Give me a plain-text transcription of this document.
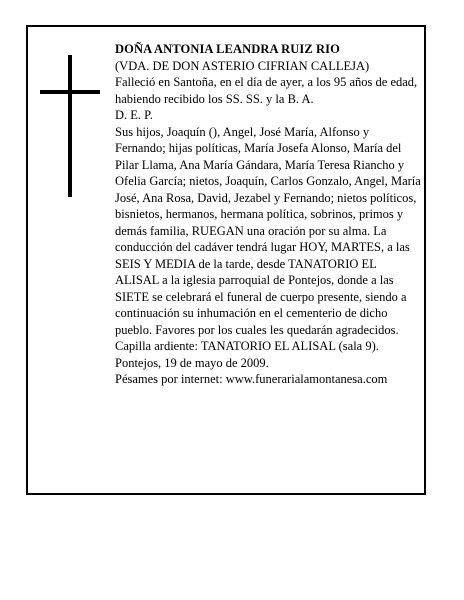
DOÑA ANTONIA LEANDRA RUIZ RIO
(VDA. DE DON ASTERIO CIFRIAN CALLEJA)
Falleció en Santoña, en el día de ayer, a los 95 años de edad,
habiendo recibido los SS. SS. y la B. A.
D. E. P.
Sus hijos, Joaquín (), Angel, José María, Alfonso y Fernando; hijas políticas, María Josefa Alonso, María del Pilar Llama, Ana María Gándara, María Teresa Riancho y Ofelia García; nietos, Joaquín, Carlos Gonzalo, Angel, María José, Ana Rosa, David, Jezabel y Fernando; nietos políticos, bisnietos, hermanos, hermana política, sobrinos, primos y demás familia, RUEGAN una oración por su alma. La conducción del cadáver tendrá lugar HOY, MARTES, a las SEIS Y MEDIA de la tarde, desde TANATORIO EL ALISAL a la iglesia parroquial de Pontejos, donde a las SIETE se celebrará el funeral de cuerpo presente, siendo a continuación su inhumación en el cementerio de dicho pueblo. Favores por los cuales les quedarán agradecidos. Capilla ardiente: TANATORIO EL ALISAL (sala 9).
Pontejos, 19 de mayo de 2009.
Pésames por internet: www.funerarialamontanesa.com
